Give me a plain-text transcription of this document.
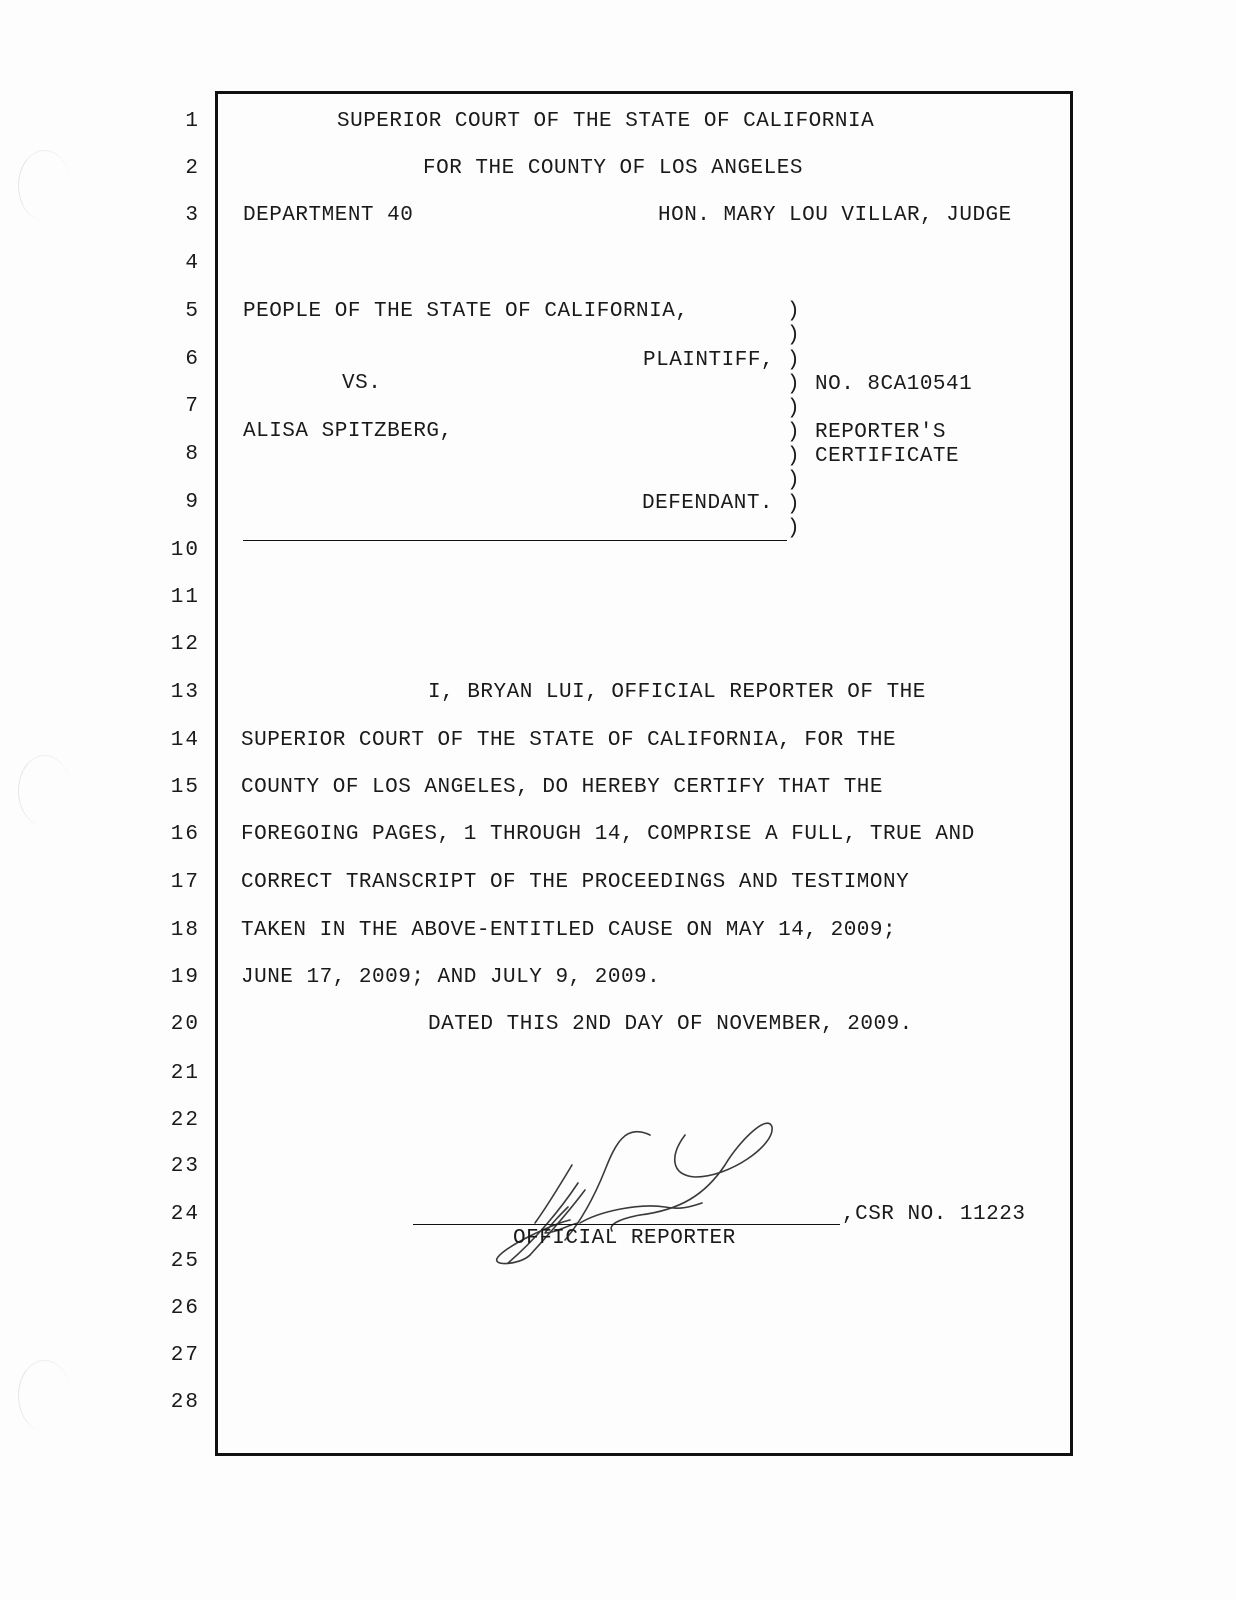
1
2
3
4
5
6
7
8
9
10
11
12
13
14
15
16
17
18
19
20
21
22
23
24
25
26
27
28
SUPERIOR COURT OF THE STATE OF CALIFORNIA
FOR THE COUNTY OF LOS ANGELES
DEPARTMENT 40	HON. MARY LOU VILLAR, JUDGE
PEOPLE OF THE STATE OF CALIFORNIA,
PLAINTIFF,
VS.
ALISA SPITZBERG,
DEFENDANT.
)
)
)
)
)
)
)
)
)
)
NO. 8CA10541
REPORTER'S
CERTIFICATE
I, BRYAN LUI, OFFICIAL REPORTER OF THE
SUPERIOR COURT OF THE STATE OF CALIFORNIA, FOR THE
COUNTY OF LOS ANGELES, DO HEREBY CERTIFY THAT THE
FOREGOING PAGES, 1 THROUGH 14, COMPRISE A FULL, TRUE AND
CORRECT TRANSCRIPT OF THE PROCEEDINGS AND TESTIMONY
TAKEN IN THE ABOVE-ENTITLED CAUSE ON MAY 14, 2009;
JUNE 17, 2009; AND JULY 9, 2009.
DATED THIS 2ND DAY OF NOVEMBER, 2009.
,CSR NO. 11223
OFFICIAL REPORTER
